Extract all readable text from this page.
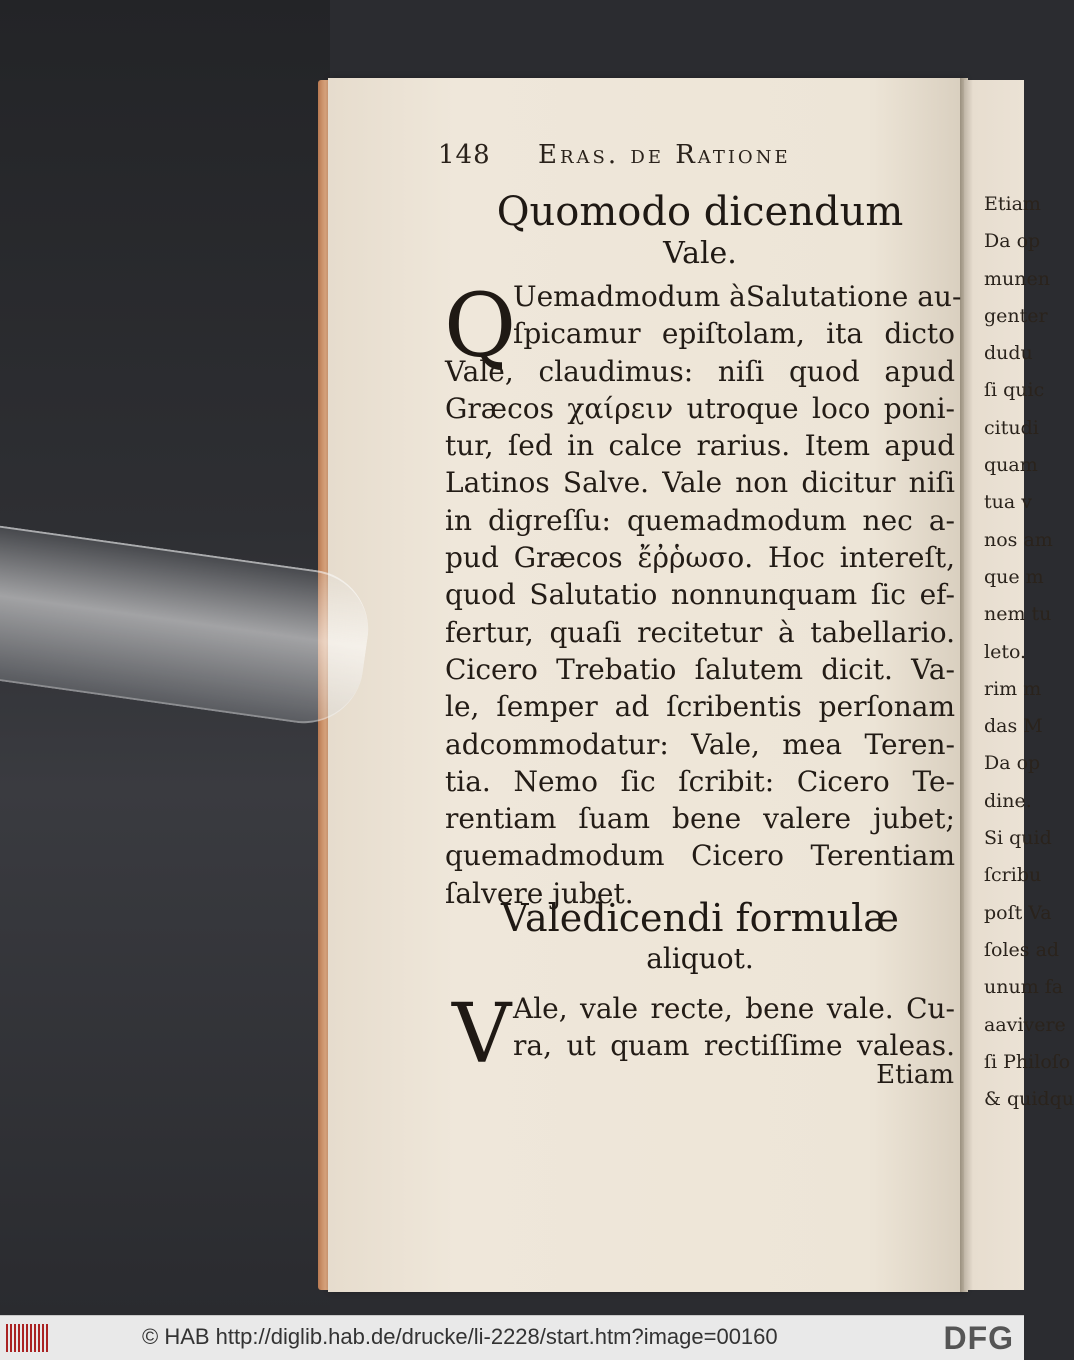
Etiam
Da op
munen
genter
dudu
ſi quic
citudi
quam
tua v
nos am
que m
nem tu
leto.
rim m
das M
Da op
dine.
Si quid
ſcribu
poſt Va
ſoles ad
unum fa
aavivere
ſi Philoſo
& quidqu
148 Eras. de Ratione
Quomodo dicendum
Vale.
Q
Uemadmodum àSalutatione au-
ſpicamur epiſtolam, ita dicto
Vale, claudimus: niſi quod apud
Græcos χαίρειν utroque loco poni-
tur, ſed in calce rarius. Item apud
Latinos Salve. Vale non dicitur niſi
in digreſſu: quemadmodum nec a-
pud Græcos ἔῤῥωσο. Hoc intereſt,
quod Salutatio nonnunquam ſic ef-
fertur, quaſi recitetur à tabellario.
Cicero Trebatio ſalutem dicit. Va-
le, ſemper ad ſcribentis perſonam
adcommodatur: Vale, mea Teren-
tia. Nemo ſic ſcribit: Cicero Te-
rentiam ſuam bene valere jubet;
quemadmodum Cicero Terentiam
ſalvere jubet.
Valedicendi formulæ
aliquot.
V Ale, vale recte, bene vale. Cu-
ra, ut quam rectiſſime valeas.
Etiam
© HAB http://diglib.hab.de/drucke/li-2228/start.htm?image=00160	DFG
